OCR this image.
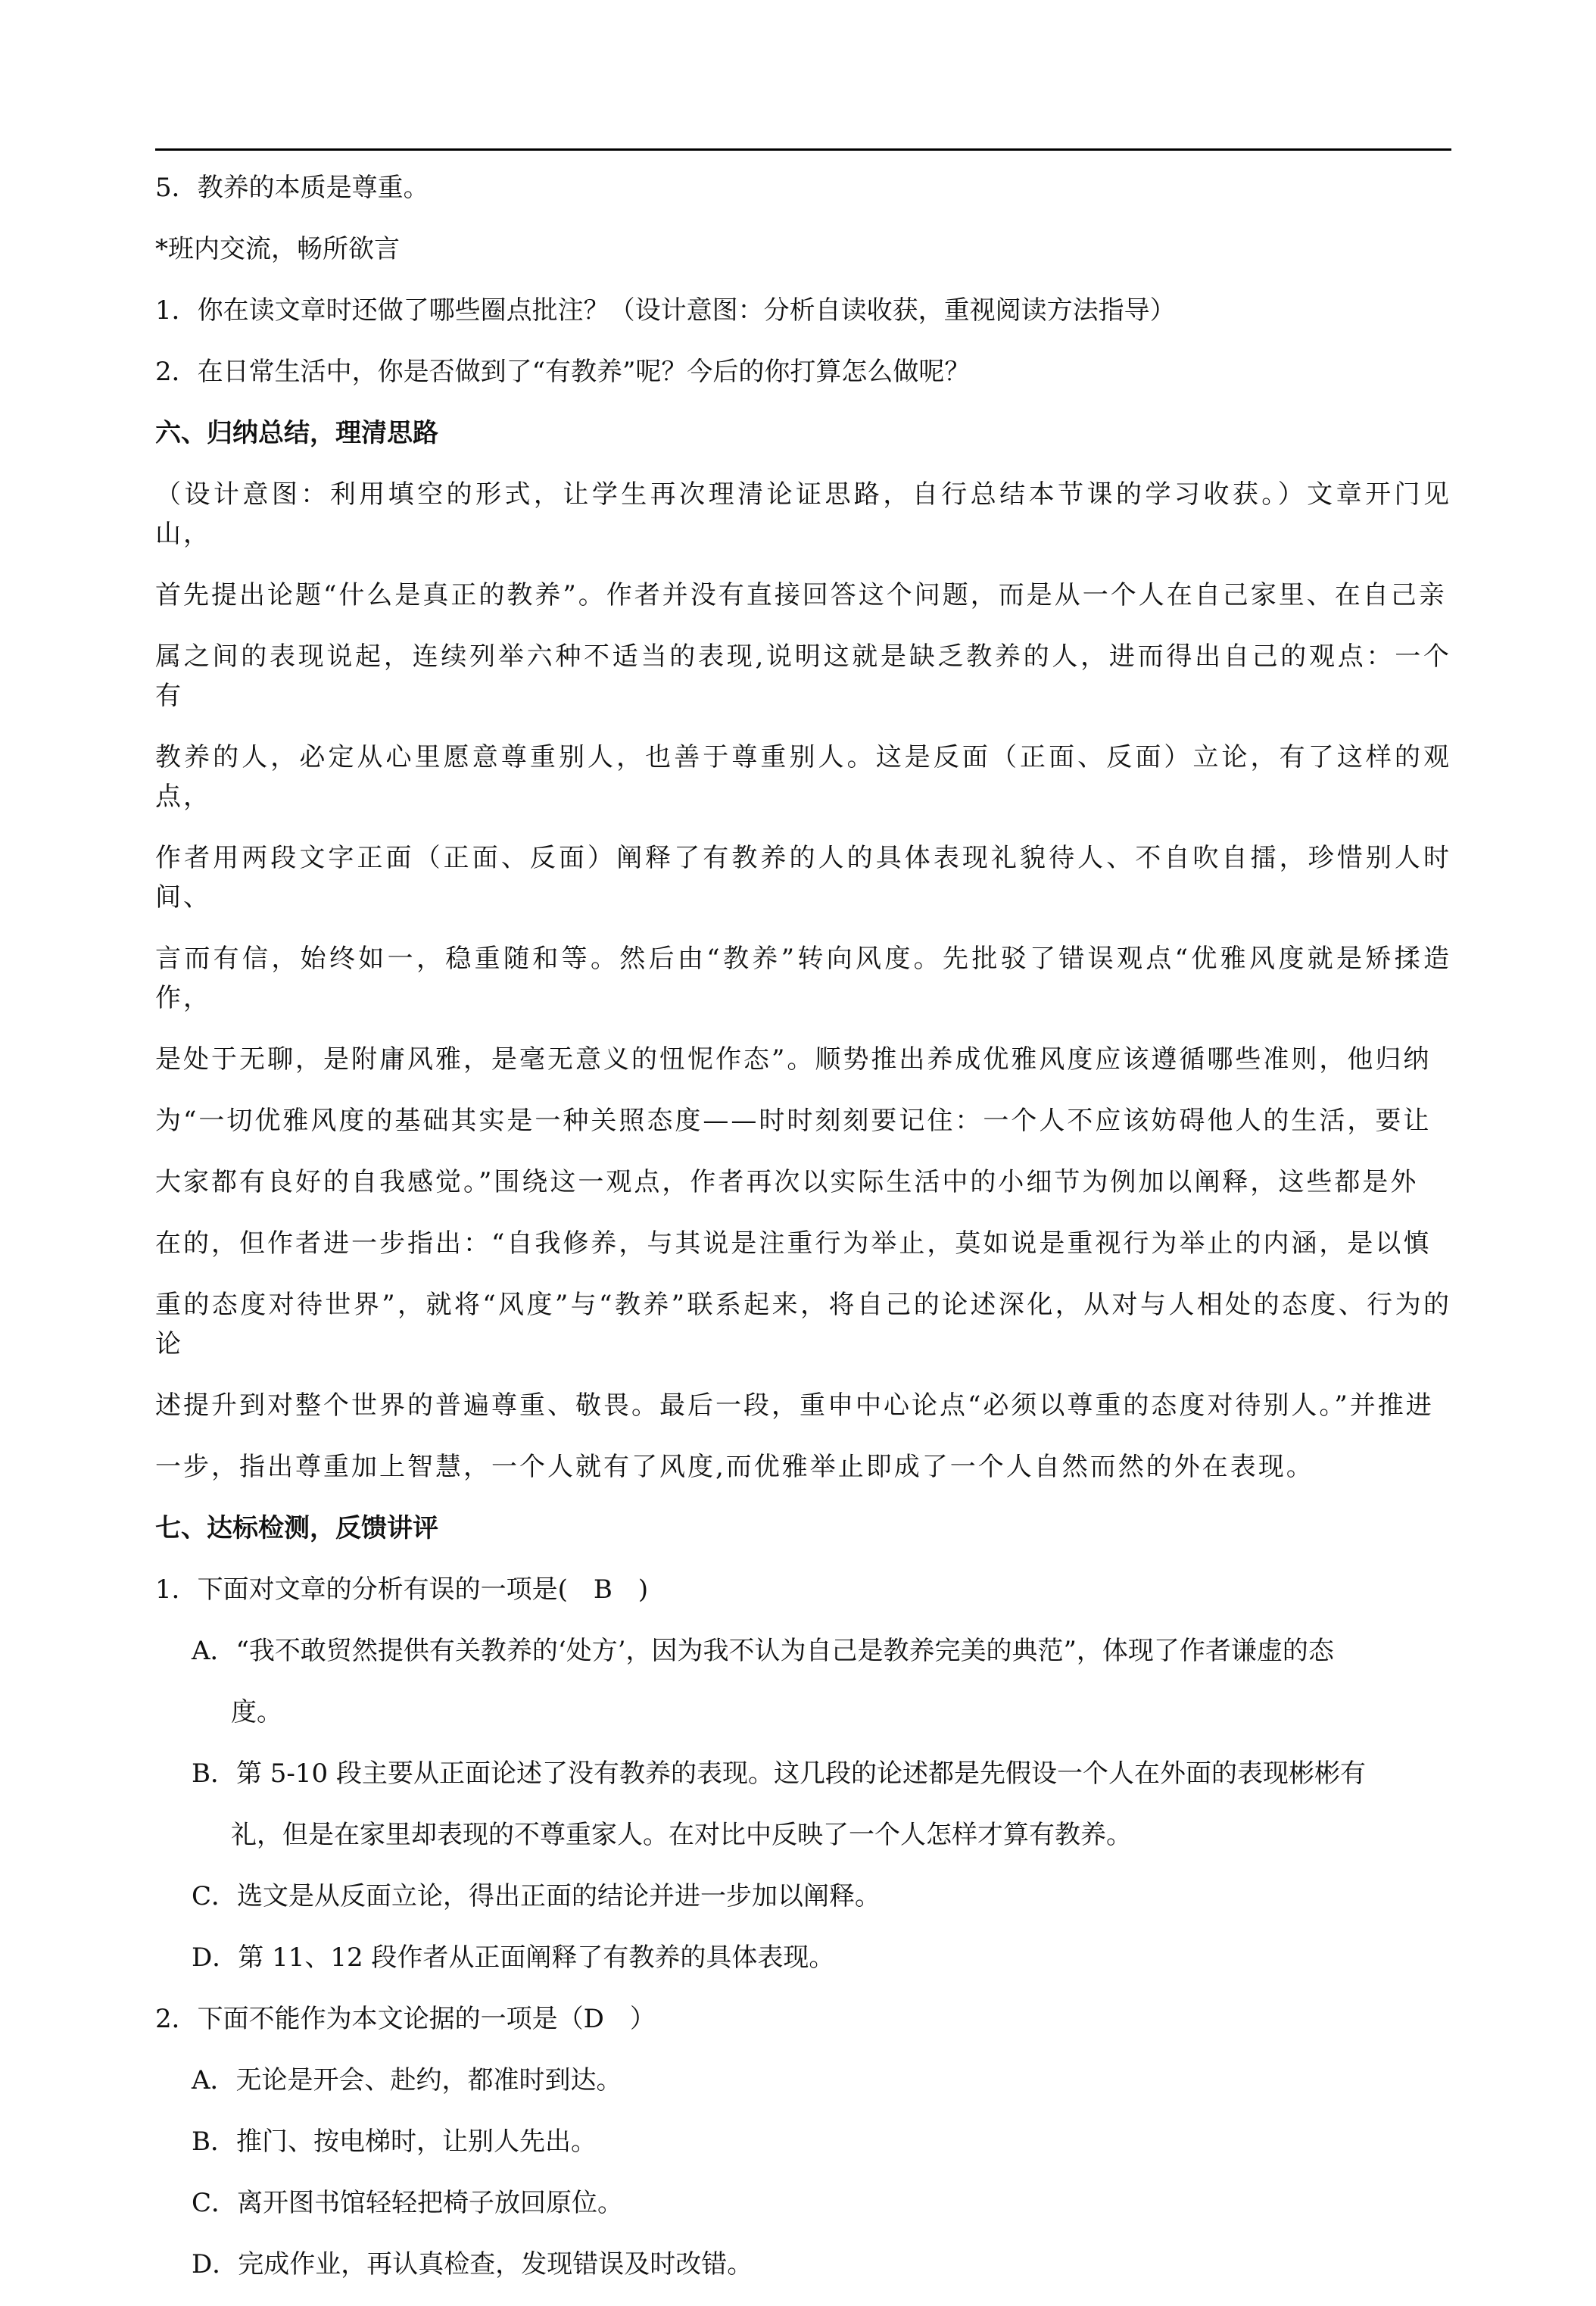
5．教养的本质是尊重。
*班内交流，畅所欲言
1．你在读文章时还做了哪些圈点批注？（设计意图：分析自读收获，重视阅读方法指导）
2．在日常生活中，你是否做到了“有教养”呢？今后的你打算怎么做呢？
六、归纳总结，理清思路
（设计意图：利用填空的形式，让学生再次理清论证思路，自行总结本节课的学习收获。）文章开门见山，
首先提出论题“什么是真正的教养”。作者并没有直接回答这个问题，而是从一个人在自己家里、在自己亲
属之间的表现说起，连续列举六种不适当的表现,说明这就是缺乏教养的人，进而得出自己的观点：一个有
教养的人，必定从心里愿意尊重别人，也善于尊重别人。这是反面（正面、反面）立论，有了这样的观点，
作者用两段文字正面（正面、反面）阐释了有教养的人的具体表现礼貌待人、不自吹自擂，珍惜别人时间、
言而有信，始终如一，稳重随和等。然后由“教养”转向风度。先批驳了错误观点“优雅风度就是矫揉造作，
是处于无聊，是附庸风雅，是毫无意义的忸怩作态”。顺势推出养成优雅风度应该遵循哪些准则，他归纳
为“一切优雅风度的基础其实是一种关照态度——时时刻刻要记住：一个人不应该妨碍他人的生活，要让
大家都有良好的自我感觉。”围绕这一观点，作者再次以实际生活中的小细节为例加以阐释，这些都是外
在的，但作者进一步指出：“自我修养，与其说是注重行为举止，莫如说是重视行为举止的内涵，是以慎
重的态度对待世界”，就将“风度”与“教养”联系起来，将自己的论述深化，从对与人相处的态度、行为的论
述提升到对整个世界的普遍尊重、敬畏。最后一段，重申中心论点“必须以尊重的态度对待别人。”并推进
一步，指出尊重加上智慧，一个人就有了风度,而优雅举止即成了一个人自然而然的外在表现。
七、达标检测，反馈讲评
1．下面对文章的分析有误的一项是(　B　)
A．“我不敢贸然提供有关教养的‘处方’，因为我不认为自己是教养完美的典范”，体现了作者谦虚的态
度。
B．第 5-10 段主要从正面论述了没有教养的表现。这几段的论述都是先假设一个人在外面的表现彬彬有
礼，但是在家里却表现的不尊重家人。在对比中反映了一个人怎样才算有教养。
C．选文是从反面立论，得出正面的结论并进一步加以阐释。
D．第 11、12 段作者从正面阐释了有教养的具体表现。
2．下面不能作为本文论据的一项是（D　）
A．无论是开会、赴约，都准时到达。
B．推门、按电梯时，让别人先出。
C．离开图书馆轻轻把椅子放回原位。
D．完成作业，再认真检查，发现错误及时改错。
